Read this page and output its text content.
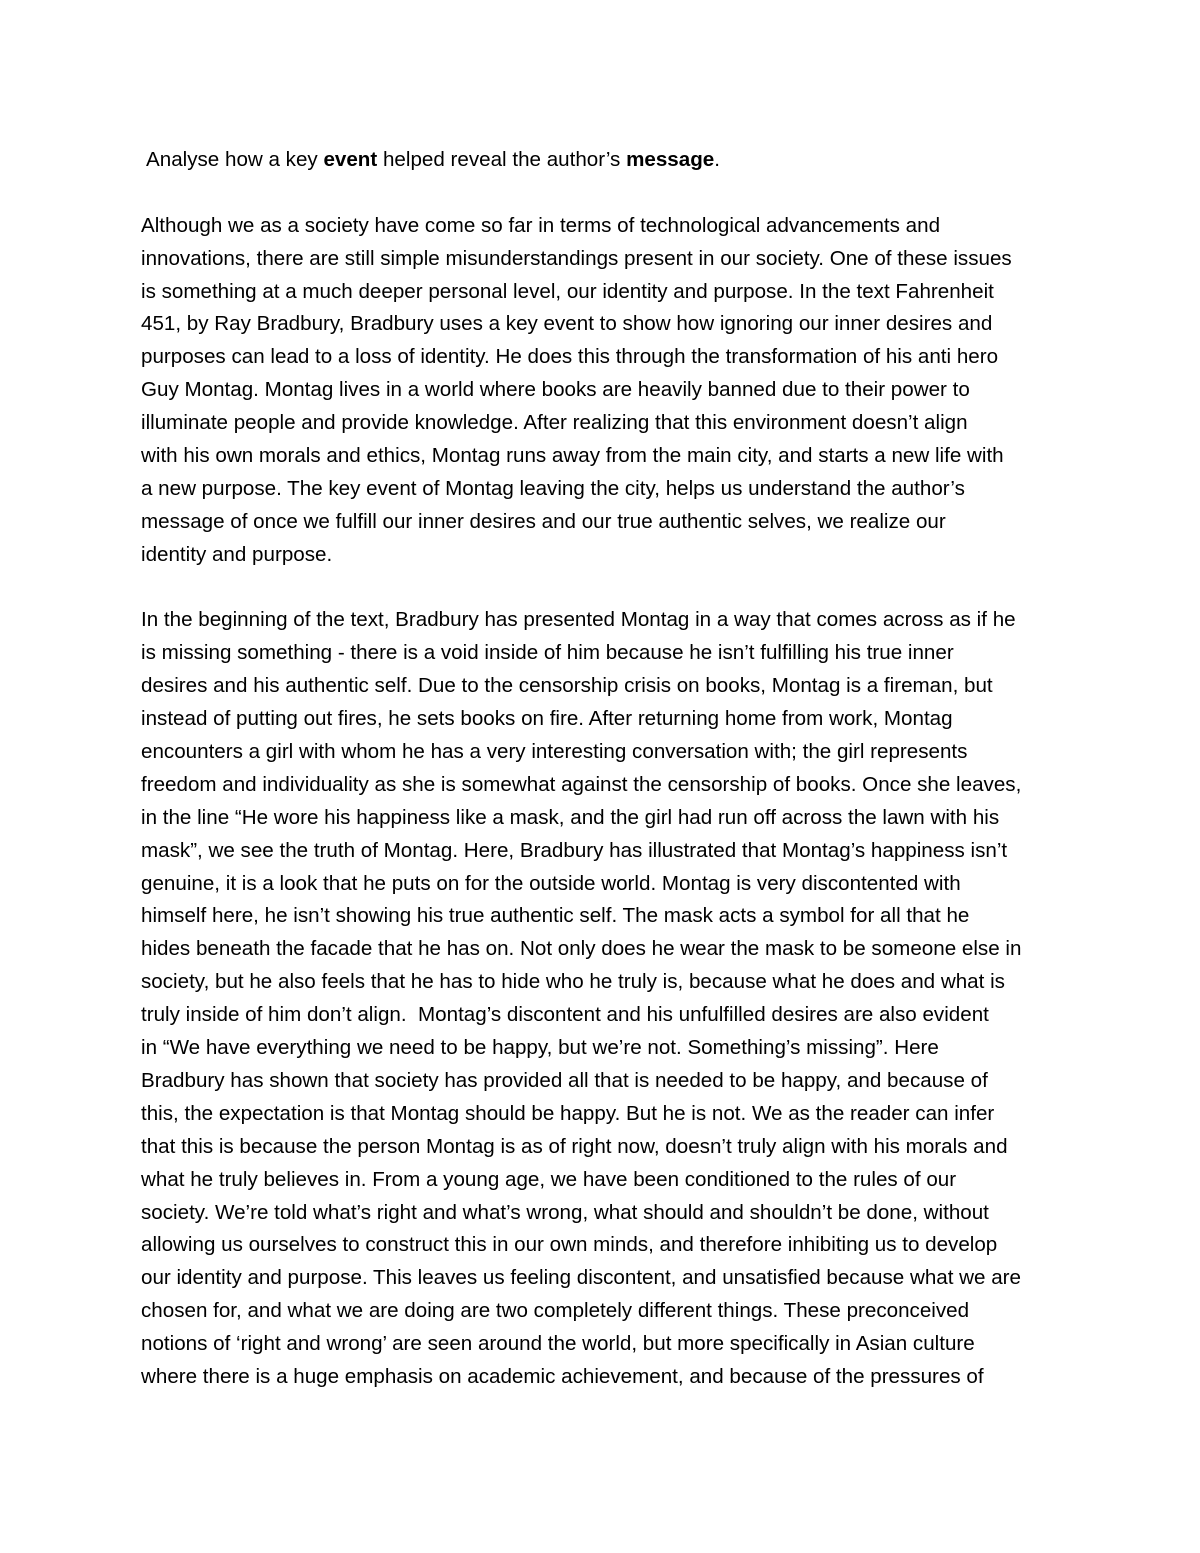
Analyse how a key event helped reveal the author’s message.
Although we as a society have come so far in terms of technological advancements and
innovations, there are still simple misunderstandings present in our society. One of these issues
is something at a much deeper personal level, our identity and purpose. In the text Fahrenheit
451, by Ray Bradbury, Bradbury uses a key event to show how ignoring our inner desires and
purposes can lead to a loss of identity. He does this through the transformation of his anti hero
Guy Montag. Montag lives in a world where books are heavily banned due to their power to
illuminate people and provide knowledge. After realizing that this environment doesn’t align
with his own morals and ethics, Montag runs away from the main city, and starts a new life with
a new purpose. The key event of Montag leaving the city, helps us understand the author’s
message of once we fulfill our inner desires and our true authentic selves, we realize our
identity and purpose.
In the beginning of the text, Bradbury has presented Montag in a way that comes across as if he
is missing something - there is a void inside of him because he isn’t fulfilling his true inner
desires and his authentic self. Due to the censorship crisis on books, Montag is a fireman, but
instead of putting out fires, he sets books on fire. After returning home from work, Montag
encounters a girl with whom he has a very interesting conversation with; the girl represents
freedom and individuality as she is somewhat against the censorship of books. Once she leaves,
in the line “He wore his happiness like a mask, and the girl had run off across the lawn with his
mask”, we see the truth of Montag. Here, Bradbury has illustrated that Montag’s happiness isn’t
genuine, it is a look that he puts on for the outside world. Montag is very discontented with
himself here, he isn’t showing his true authentic self. The mask acts a symbol for all that he
hides beneath the facade that he has on. Not only does he wear the mask to be someone else in
society, but he also feels that he has to hide who he truly is, because what he does and what is
truly inside of him don’t align.  Montag’s discontent and his unfulfilled desires are also evident
in “We have everything we need to be happy, but we’re not. Something’s missing”. Here
Bradbury has shown that society has provided all that is needed to be happy, and because of
this, the expectation is that Montag should be happy. But he is not. We as the reader can infer
that this is because the person Montag is as of right now, doesn’t truly align with his morals and
what he truly believes in. From a young age, we have been conditioned to the rules of our
society. We’re told what’s right and what’s wrong, what should and shouldn’t be done, without
allowing us ourselves to construct this in our own minds, and therefore inhibiting us to develop
our identity and purpose. This leaves us feeling discontent, and unsatisfied because what we are
chosen for, and what we are doing are two completely different things. These preconceived
notions of ‘right and wrong’ are seen around the world, but more specifically in Asian culture
where there is a huge emphasis on academic achievement, and because of the pressures of
